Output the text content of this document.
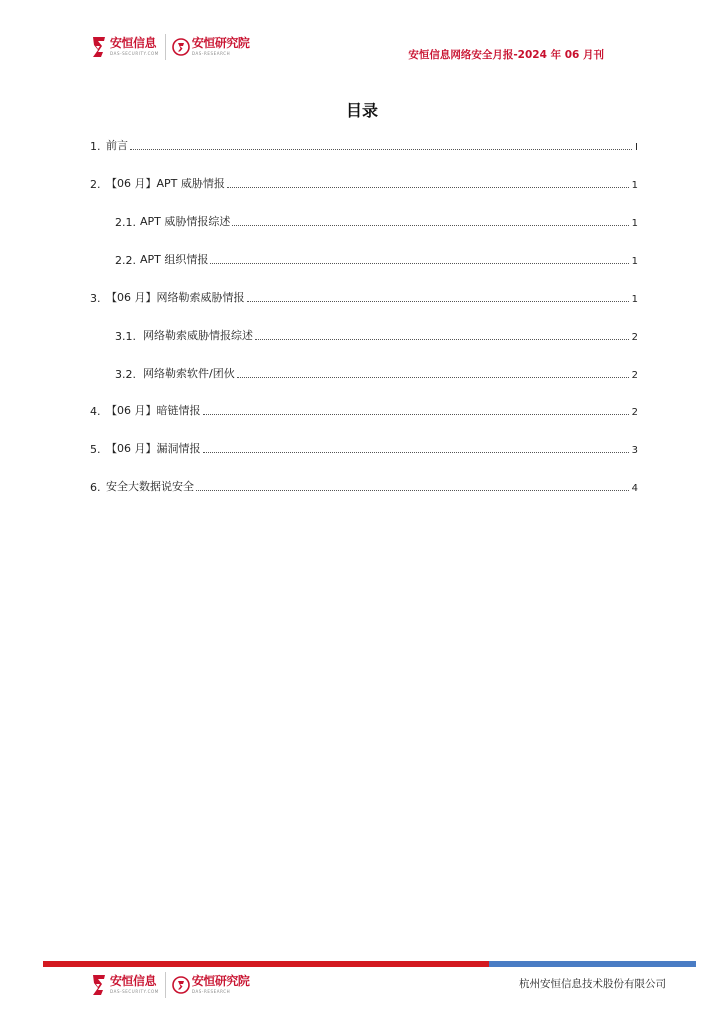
安恒信息
DAS-SECURITY.COM
安恒研究院
DAS-RESEARCH	安恒信息网络安全月报-2024 年 06 月刊
目录
1. 前言	I
2. 【06 月】APT 威胁情报	1
2.1. APT 威胁情报综述	1
2.2. APT 组织情报	1
3. 【06 月】网络勒索威胁情报	1
3.1. 网络勒索威胁情报综述	2
3.2. 网络勒索软件/团伙	2
4. 【06 月】暗链情报	2
5. 【06 月】漏洞情报	3
6. 安全大数据说安全	4
安恒信息
DAS-SECURITY.COM
安恒研究院
DAS-RESEARCH
杭州安恒信息技术股份有限公司
